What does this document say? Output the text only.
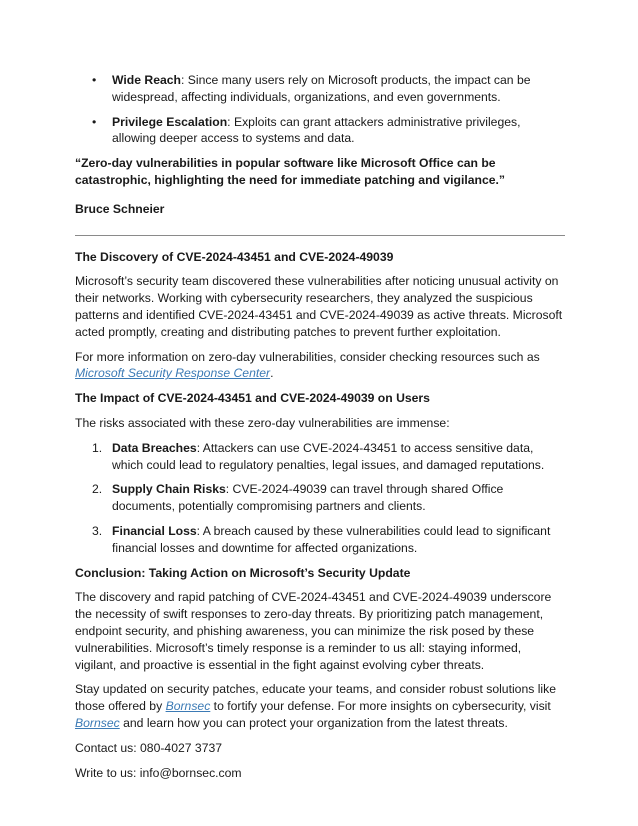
• Wide Reach: Since many users rely on Microsoft products, the impact can be widespread, affecting individuals, organizations, and even governments.
• Privilege Escalation: Exploits can grant attackers administrative privileges, allowing deeper access to systems and data.

“Zero-day vulnerabilities in popular software like Microsoft Office can be catastrophic, highlighting the need for immediate patching and vigilance.”

Bruce Schneier

The Discovery of CVE-2024-43451 and CVE-2024-49039

Microsoft’s security team discovered these vulnerabilities after noticing unusual activity on their networks. Working with cybersecurity researchers, they analyzed the suspicious patterns and identified CVE-2024-43451 and CVE-2024-49039 as active threats. Microsoft acted promptly, creating and distributing patches to prevent further exploitation.

For more information on zero-day vulnerabilities, consider checking resources such as Microsoft Security Response Center.

The Impact of CVE-2024-43451 and CVE-2024-49039 on Users

The risks associated with these zero-day vulnerabilities are immense:

1. Data Breaches: Attackers can use CVE-2024-43451 to access sensitive data, which could lead to regulatory penalties, legal issues, and damaged reputations.
2. Supply Chain Risks: CVE-2024-49039 can travel through shared Office documents, potentially compromising partners and clients.
3. Financial Loss: A breach caused by these vulnerabilities could lead to significant financial losses and downtime for affected organizations.

Conclusion: Taking Action on Microsoft’s Security Update

The discovery and rapid patching of CVE-2024-43451 and CVE-2024-49039 underscore the necessity of swift responses to zero-day threats. By prioritizing patch management, endpoint security, and phishing awareness, you can minimize the risk posed by these vulnerabilities. Microsoft’s timely response is a reminder to us all: staying informed, vigilant, and proactive is essential in the fight against evolving cyber threats.

Stay updated on security patches, educate your teams, and consider robust solutions like those offered by Bornsec to fortify your defense. For more insights on cybersecurity, visit Bornsec and learn how you can protect your organization from the latest threats.

Contact us: 080-4027 3737

Write to us: info@bornsec.com
